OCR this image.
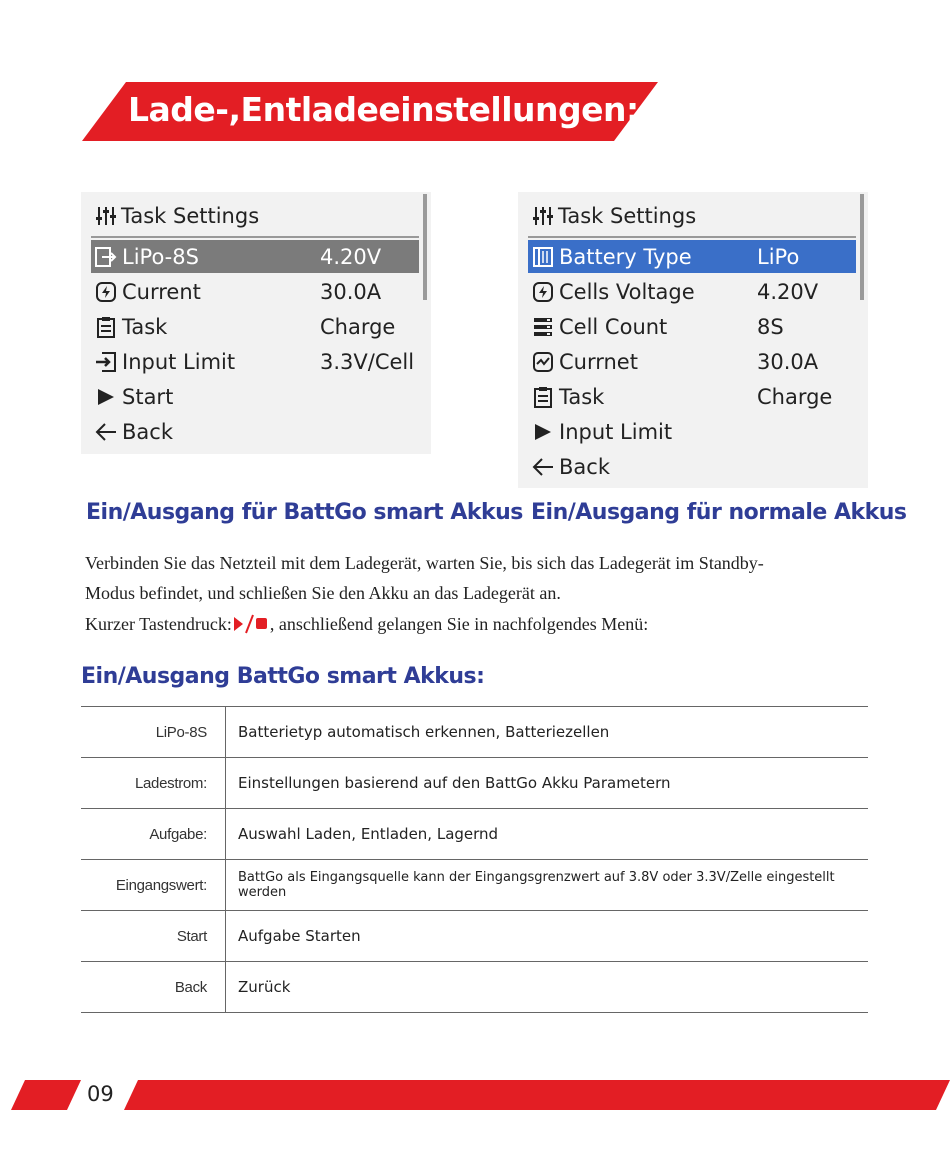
Lade-,Entladeeinstellungen:
Task Settings
LiPo-8S	4.20V
Current	30.0A
Task	Charge
Input Limit	3.3V/Cell
Start
Back
Task Settings
Battery Type	LiPo
Cells Voltage	4.20V
Cell Count	8S
Currnet	30.0A
Task	Charge
Input Limit
Back
Ein/Ausgang für BattGo smart Akkus Ein/Ausgang für normale Akkus
Verbinden Sie das Netzteil mit dem Ladegerät, warten Sie, bis sich das Ladegerät im Standby-
Modus befindet, und schließen Sie den Akku an das Ladegerät an.
Kurzer Tastendruck: , anschließend gelangen Sie in nachfolgendes Menü:
Ein/Ausgang BattGo smart Akkus:
LiPo-8S	Batterietyp automatisch erkennen, Batteriezellen
Ladestrom:	Einstellungen basierend auf den BattGo Akku Parametern
Aufgabe:	Auswahl Laden, Entladen, Lagernd
Eingangswert:	BattGo als Eingangsquelle kann der Eingangsgrenzwert auf 3.8V oder 3.3V/Zelle eingestellt werden
Start	Aufgabe Starten
Back	Zurück
09
